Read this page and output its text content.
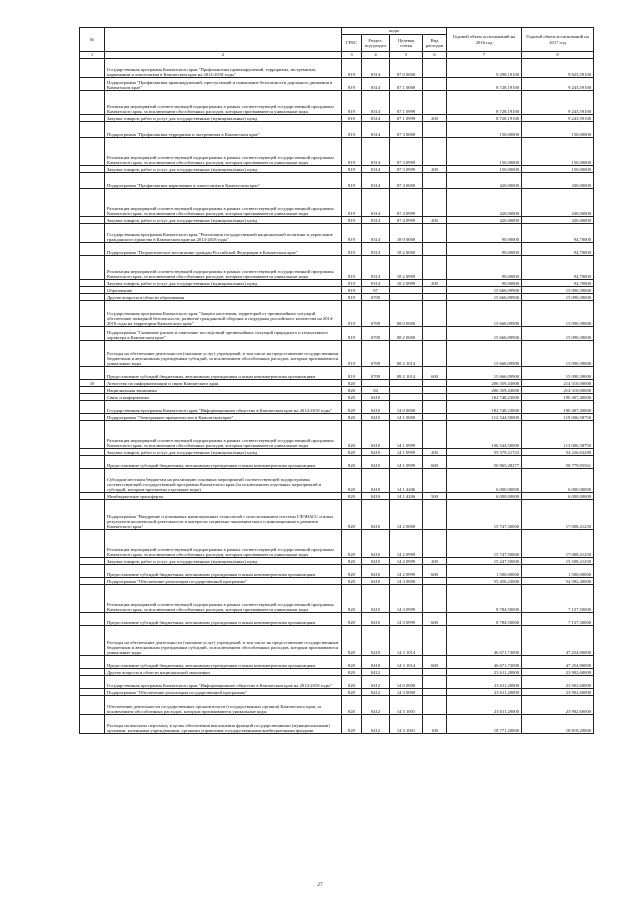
№		коды				Годовой объем ассигнований на 2016 год	Годовой объем ассигнований на 2017 год
		ГРБС	Раздел, под-раздел	Целевая статья	Вид расходов		
1	2	3	4	5	6	7	8
	Государственная программа Камчатского края "Профилактика правонарушений, терроризма, экстремизма, наркомании и алкоголизма в Камчатском крае на 2014-2018 годы"	819	0314	07 0 0000		9 298,19100	9 823,59100
	Подпрограмма "Профилактика правонарушений, преступлений и повышение безопасности дорожного движения в Камчатском крае"	819	0314	07 1 0000		8 728,19100	9 243,59100
	Реализация мероприятий соответствующей подпрограммы в рамках соответствующей государственной программы Камчатского края, за исключением обособленных расходов, которым присваиваются уникальные коды	819	0314	07 1 0999		8 728,19100	9 243,59100
	Закупка товаров, работ и услуг для государственных (муниципальных) нужд	819	0314	07 1 0999	200	8 728,19100	9 243,59100
	Подпрограмма "Профилактика терроризма и экстремизма в Камчатском крае"	819	0314	07 3 0000		150,00000	150,00000
	Реализация мероприятий соответствующей подпрограммы в рамках соответствующей государственной программы Камчатского края, за исключением обособленных расходов, которым присваиваются уникальные коды	819	0314	07 3 0999		150,00000	150,00000
	Закупка товаров, работ и услуг для государственных (муниципальных) нужд	819	0314	07 3 0999	200	150,00000	150,00000
	Подпрограмма "Профилактика наркомании и алкоголизма в Камчатском крае"	819	0314	07 4 0000		420,00000	430,00000
	Реализация мероприятий соответствующей подпрограммы в рамках соответствующей государственной программы Камчатского края, за исключением обособленных расходов, которым присваиваются уникальные коды	819	0314	07 4 0999		420,00000	430,00000
	Закупка товаров, работ и услуг для государственных (муниципальных) нужд	819	0314	07 4 0999	200	420,00000	430,00000
	Государственная программа Камчатского края "Реализация государственной национальной политики и укрепление гражданского единства в Камчатском крае на 2014-2018 годы"	819	0314	18 0 0000		90,00000	94,70000
	Подпрограмма "Патриотическое воспитание граждан Российской Федерации в Камчатском крае"	819	0314	18 2 0000		90,00000	94,70000
	Реализация мероприятий соответствующей подпрограммы в рамках соответствующей государственной программы Камчатского края, за исключением обособленных расходов, которым присваиваются уникальные коды	819	0314	18 2 0999		90,00000	94,70000
	Закупка товаров, работ и услуг для государственных (муниципальных) нужд	819	0314	18 2 0999	200	90,00000	94,70000
	Образование	819	07			15 666,09900	15 090,39000
	Другие вопросы в области образования	819	0709			15 666,09900	15 090,39000
	Государственная программа Камчатского края "Защита населения, территорий от чрезвычайных ситуаций, обеспечение пожарной безопасности, развитие гражданской обороны и поддержка российского казачества на 2014-2018 годы на территории Камчатского края"	819	0709	08 0 0000		15 666,09900	15 090,39000
	Подпрограмма "Снижение рисков и смягчение последствий чрезвычайных ситуаций природного и техногенного характера в Камчатском крае"	819	0709	08 2 0000		15 666,09900	15 090,39000
	Расходы на обеспечение деятельности (оказание услуг) учреждений, в том числе на предоставление государственным бюджетным и автономным учреждениям субсидий, за исключением обособленных расходов, которым присваиваются уникальные коды	819	0709	08 2 1014		15 666,09900	15 090,39000
	Предоставление субсидий бюджетным, автономным учреждениям и иным некоммерческим организациям	819	0709	08 2 1014	600	15 666,09900	15 090,39000
10	Агентство по информатизации и связи Камчатского края	820				206 359,43000	214 310,00000
	Национальная экономика	820	04			206 359,43000	214 310,00000
	Связь и информатика	820	0410			182 748,23000	190 407,40000
	Государственная программа Камчатского края "Информационное общество в Камчатском крае на 2014-2018 годы"	820	0410	14 0 0000		182 748,23000	190 407,40000
	Подпрограмма "Электронное правительство в Камчатском крае"	820	0410	14 1 0000		112 544,50000	119 006,58750
	Реализация мероприятий соответствующей подпрограммы в рамках соответствующей государственной программы Камчатского края, за исключением обособленных расходов, которым присваиваются уникальные коды	820	0410	14 1 0999		106 544,50000	113 006,58750
	Закупка товаров, работ и услуг для государственных (муниципальных) нужд	820	0410	14 1 0999	200	55 579,21723	54 226,63289
	Предоставление субсидий бюджетным, автономным учреждениям и иным некоммерческим организациям	820	0410	14 1 0999	600	50 965,28277	58 779,95561
	Субсидии местным бюджетам на реализацию основных мероприятий соответствующей подпрограммы соответствующей государственной программы Камчатского края (за исключением отдельных мероприятий и субсидий, которым присвоены отдельные коды)	820	0410	14 1 4206		6 000,00000	6 000,00000
	Межбюджетные трансферты	820	0410	14 1 4206	500	6 000,00000	6 000,00000
	Подпрограмма "Внедрение спутниковых навигационных технологий с использованием системы ГЛОНАСС и иных результатов космической деятельности в интересах социально-экономического и инновационного развития Камчатского края"	820	0410	14 2 0000		15 747,50000	17 008,41250
	Реализация мероприятий соответствующей подпрограммы в рамках соответствующей государственной программы Камчатского края, за исключением обособленных расходов, которым присваиваются уникальные коды	820	0410	14 2 0999		15 747,50000	17 008,41250
	Закупка товаров, работ и услуг для государственных (муниципальных) нужд	820	0410	14 2 0999	200	15 247,50000	15 508,41250
	Предоставление субсидий бюджетным, автономным учреждениям и иным некоммерческим организациям	820	0410	14 2 0999	600	1 500,00000	1 500,00000
	Подпрограмма "Обеспечение реализации государственной программы"	820	0410	14 3 0000		55 456,23000	54 392,40000
	Реализация мероприятий соответствующей подпрограммы в рамках соответствующей государственной программы Камчатского края, за исключением обособленных расходов, которым присваиваются уникальные коды	820	0410	14 3 0999		8 784,50000	7 137,50000
	Предоставление субсидий бюджетным, автономным учреждениям и иным некоммерческим организациям	820	0410	14 3 0999	600	8 784,50000	7 137,50000
	Расходы на обеспечение деятельности (оказание услуг) учреждений, в том числе на предоставление государственным бюджетным и автономным учреждениям субсидий, за исключением обособленных расходов, которым присваиваются уникальные коды	820	0410	14 3 1014		46 671,73000	47 254,90000
	Предоставление субсидий бюджетным, автономным учреждениям и иным некоммерческим организациям	820	0410	14 3 1014	600	46 671,73000	47 254,90000
	Другие вопросы в области национальной экономики	820	0412			23 611,20000	23 902,60000
	Государственная программа Камчатского края "Информационное общество в Камчатском крае на 2014-2018 годы"	820	0412	14 0 0000		23 611,20000	23 902,60000
	Подпрограмма "Обеспечение реализации государственной программы"	820	0412	14 3 0000		23 611,20000	23 902,60000
	Обеспечение деятельности государственных органов власти (государственных органов) Камчатского края, за исключением обособленных расходов, которым присваиваются уникальные коды	820	0412	14 3 1001		23 611,20000	23 902,60000
	Расходы на выплаты персоналу в целях обеспечения выполнения функций государственными (муниципальными) органами, казенными учреждениями, органами управления государственными внебюджетными фондами	820	0412	14 3 1001	100	18 771,20000	18 818,20000
27
